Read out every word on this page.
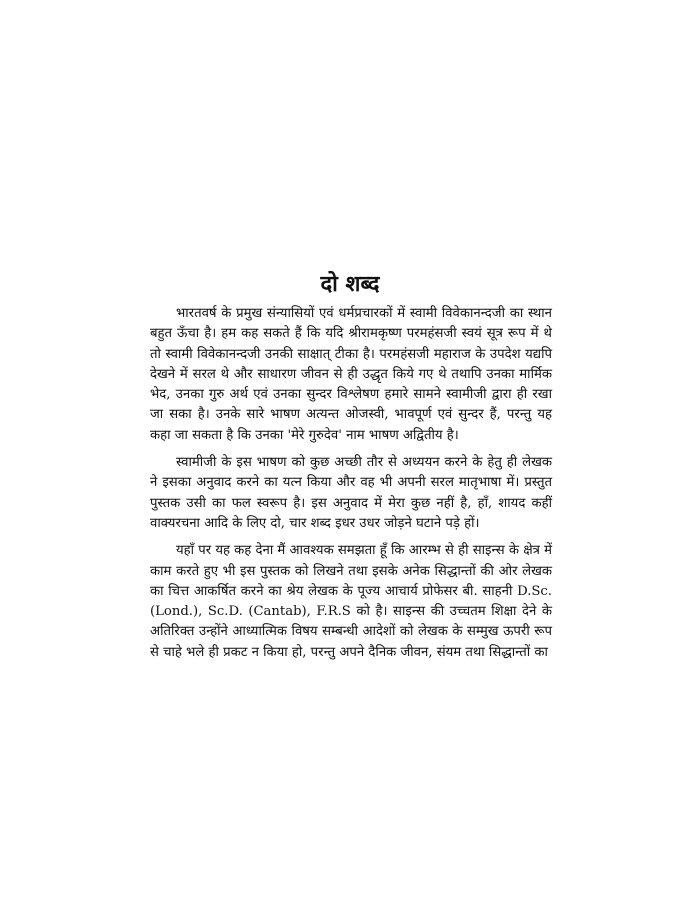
दो शब्द

भारतवर्ष के प्रमुख संन्यासियों एवं धर्मप्रचारकों में स्वामी विवेकानन्दजी का स्थान बहुत ऊँचा है। हम कह सकते हैं कि यदि श्रीरामकृष्ण परमहंसजी स्वयं सूत्र रूप में थे तो स्वामी विवेकानन्दजी उनकी साक्षात् टीका है। परमहंसजी महाराज के उपदेश यद्यपि देखने में सरल थे और साधारण जीवन से ही उद्धृत किये गए थे तथापि उनका मार्मिक भेद, उनका गुरु अर्थ एवं उनका सुन्दर विश्लेषण हमारे सामने स्वामीजी द्वारा ही रखा जा सका है। उनके सारे भाषण अत्यन्त ओजस्वी, भावपूर्ण एवं सुन्दर हैं, परन्तु यह कहा जा सकता है कि उनका 'मेरे गुरुदेव' नाम भाषण अद्वितीय है।

स्वामीजी के इस भाषण को कुछ अच्छी तौर से अध्ययन करने के हेतु ही लेखक ने इसका अनुवाद करने का यत्न किया और वह भी अपनी सरल मातृभाषा में। प्रस्तुत पुस्तक उसी का फल स्वरूप है। इस अनुवाद में मेरा कुछ नहीं है, हाँ, शायद कहीं वाक्यरचना आदि के लिए दो, चार शब्द इधर उधर जोड़ने घटाने पड़े हों।

यहाँ पर यह कह देना मैं आवश्यक समझता हूँ कि आरम्भ से ही साइन्स के क्षेत्र में काम करते हुए भी इस पुस्तक को लिखने तथा इसके अनेक सिद्धान्तों की ओर लेखक का चित्त आकर्षित करने का श्रेय लेखक के पूज्य आचार्य प्रोफेसर बी. साहनी D.Sc. (Lond.), Sc.D. (Cantab), F.R.S को है। साइन्स की उच्चतम शिक्षा देने के अतिरिक्त उन्होंने आध्यात्मिक विषय सम्बन्धी आदेशों को लेखक के सम्मुख ऊपरी रूप से चाहे भले ही प्रकट न किया हो, परन्तु अपने दैनिक जीवन, संयम तथा सिद्धान्तों का
